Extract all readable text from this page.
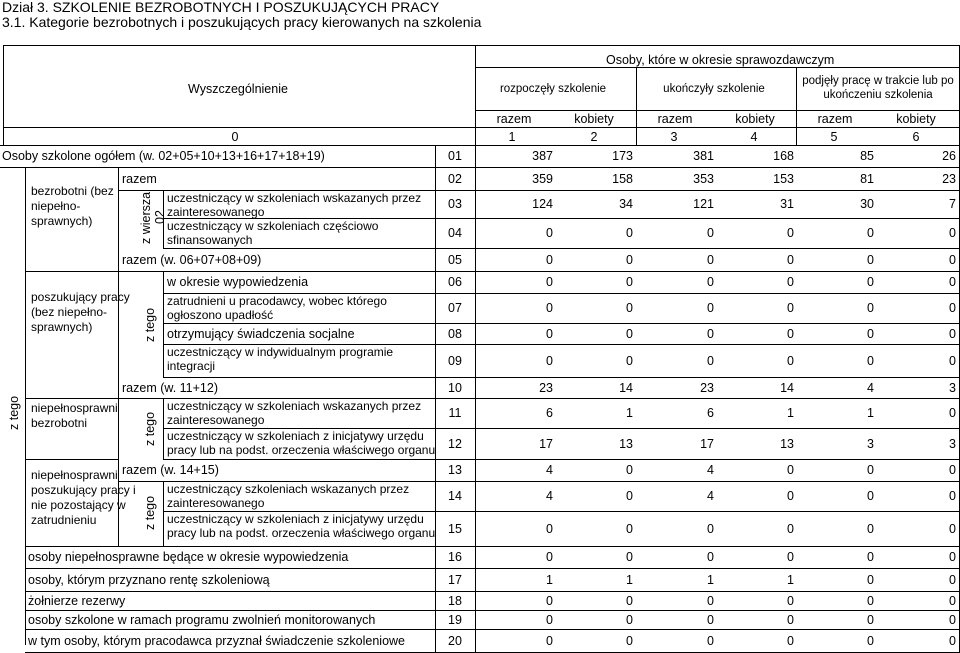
Dział 3. SZKOLENIE BEZROBOTNYCH I POSZUKUJĄCYCH PRACY
3.1. Kategorie bezrobotnych i poszukujących pracy kierowanych na szkolenia
Wyszczególnienie
Osoby, które w okresie sprawozdawczym
rozpoczęły szkolenie	ukończyły szkolenie
podjęły pracę w trakcie lub po
ukończeniu szkolenia
razem	kobiety	razem	kobiety	razem	kobiety
0	1	2	3	4	5	6
z tego
bezrobotni (bez
niepełno-
sprawnych)
poszukujący pracy
(bez niepełno-
sprawnych)
niepełnosprawni
bezrobotni
niepełnosprawni
poszukujący pracy i
nie pozostający w
zatrudnieniu
z wiersza 02
z tego
z tego
z tego
Osoby szkolone ogółem (w. 02+05+10+13+16+17+18+19)	01	387	173	381	168	85	26
razem	02	359	158	353	153	81	23
uczestniczący w szkoleniach wskazanych przez
zainteresowanego
03	124	34	121	31	30	7
uczestniczący w szkoleniach częściowo
sfinansowanych	04	0	0	0	0	0	0
razem (w. 06+07+08+09)	05	0	0	0	0	0	0
w okresie wypowiedzenia	06	0	0	0	0	0	0
zatrudnieni u pracodawcy, wobec którego
ogłoszono upadłość	07	0	0	0	0	0	0
otrzymujący świadczenia socjalne	08	0	0	0	0	0	0
uczestniczący w indywidualnym programie
integracji	09	0	0	0	0	0	0
razem (w. 11+12)	10	23	14	23	14	4	3
uczestniczący w szkoleniach wskazanych przez
zainteresowanego	11	6	1	6	1	1	0
uczestniczący w szkoleniach z inicjatywy urzędu
pracy lub na podst. orzeczenia właściwego organu	12	17	13	17	13	3	3
razem (w. 14+15)	13	4	0	4	0	0	0
uczestniczący szkoleniach wskazanych przez
zainteresowanego	14	4	0	4	0	0	0
uczestniczący w szkoleniach z inicjatywy urzędu
pracy lub na podst. orzeczenia właściwego organu	15	0	0	0	0	0	0
osoby niepełnosprawne będące w okresie wypowiedzenia	16	0	0	0	0	0	0
osoby, którym przyznano rentę szkoleniową	17	1	1	1	1	0	0
żołnierze rezerwy	18	0	0	0	0	0	0
osoby szkolone w ramach programu zwolnień monitorowanych	19	0	0	0	0	0	0
w tym osoby, którym pracodawca przyznał świadczenie szkoleniowe	20	0	0	0	0	0	0
